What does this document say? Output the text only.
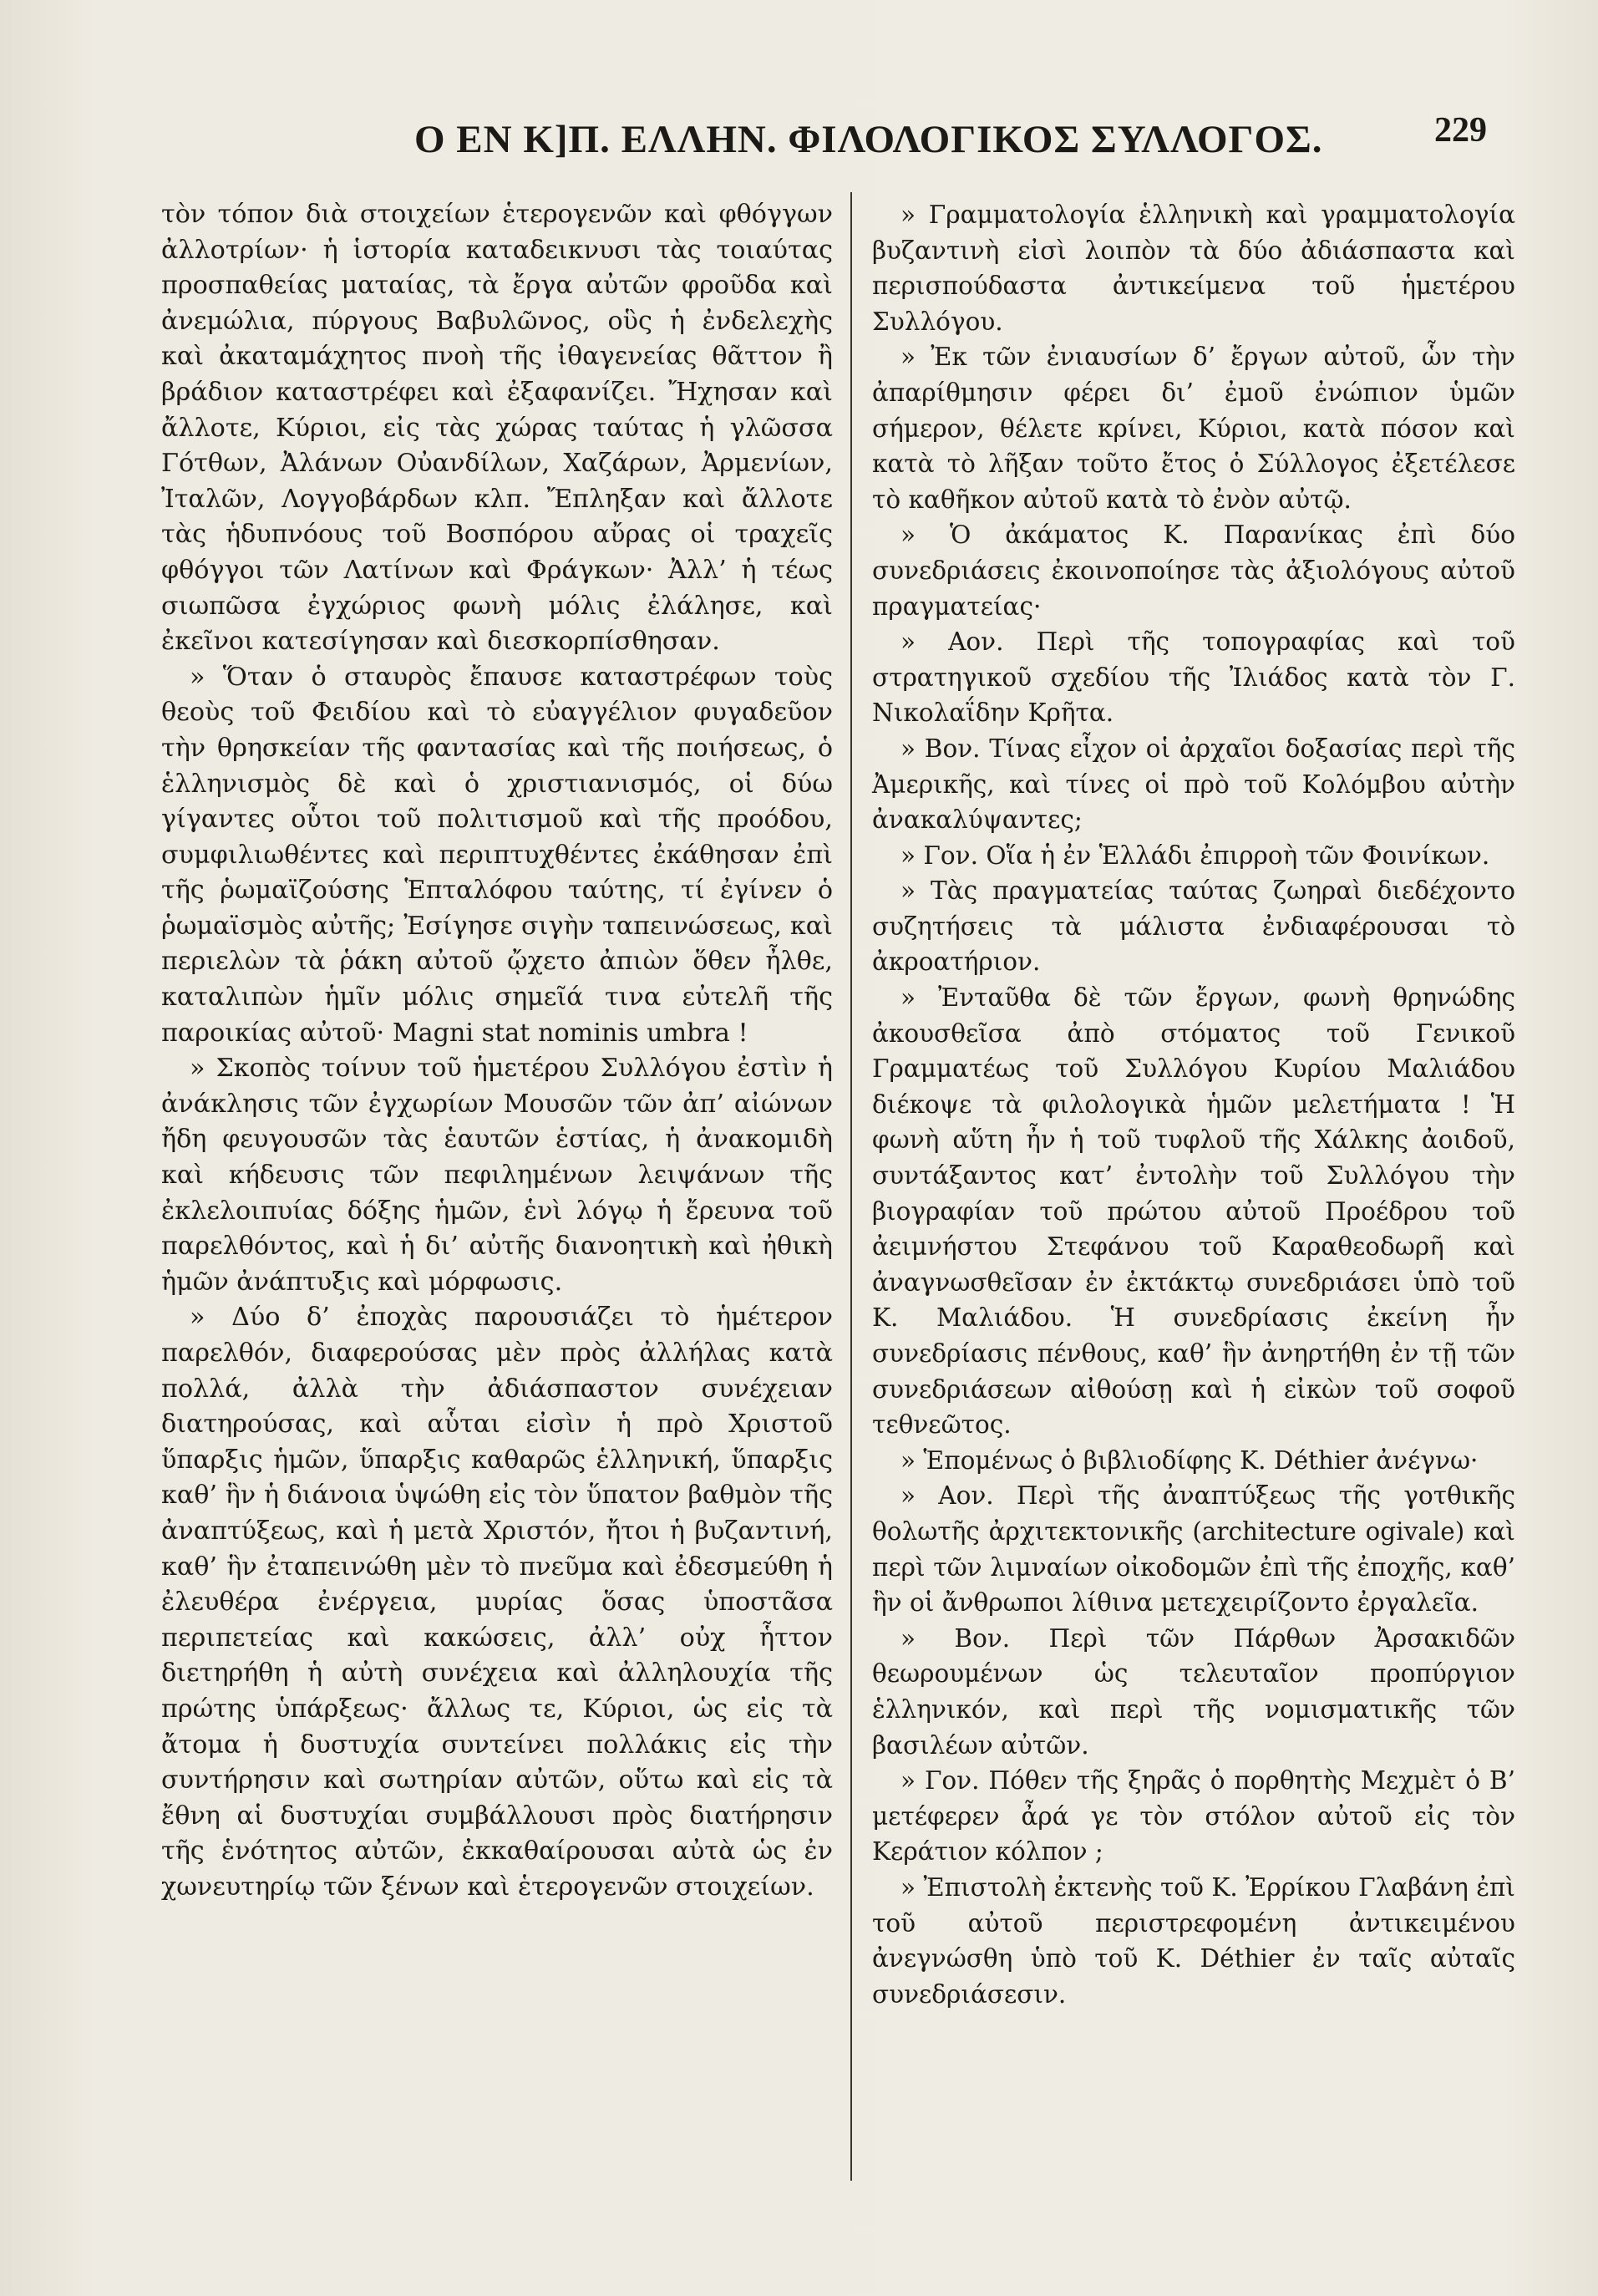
Ο ΕΝ Κ]Π. ΕΛΛΗΝ. ΦΙΛΟΛΟΓΙΚΟΣ ΣΥΛΛΟΓΟΣ.	229

τὸν τόπον διὰ στοιχείων ἑτερογενῶν καὶ φθόγγων ἀλλοτρίων· ἡ ἱστορία καταδεικνυσι τὰς τοιαύτας προσπαθείας ματαίας, τὰ ἔργα αὐτῶν φροῦδα καὶ ἀνεμώλια, πύργους Βαβυλῶνος, οὓς ἡ ἐνδελεχὴς καὶ ἀκαταμάχητος πνοὴ τῆς ἰθαγενείας θᾶττον ἢ βράδιον καταστρέφει καὶ ἐξαφανίζει. Ἤχησαν καὶ ἄλλοτε, Κύριοι, εἰς τὰς χώρας ταύτας ἡ γλῶσσα Γότθων, Ἀλάνων Οὐανδίλων, Χαζάρων, Ἀρμενίων, Ἰταλῶν, Λογγοβάρδων κλπ. Ἔπληξαν καὶ ἄλλοτε τὰς ἡδυπνόους τοῦ Βοσπόρου αὔρας οἱ τραχεῖς φθόγγοι τῶν Λατίνων καὶ Φράγκων· Ἀλλ’ ἡ τέως σιωπῶσα ἐγχώριος φωνὴ μόλις ἐλάλησε, καὶ ἐκεῖνοι κατεσίγησαν καὶ διεσκορπίσθησαν.

» Ὅταν ὁ σταυρὸς ἔπαυσε καταστρέφων τοὺς θεοὺς τοῦ Φειδίου καὶ τὸ εὐαγγέλιον φυγαδεῦον τὴν θρησκείαν τῆς φαντασίας καὶ τῆς ποιήσεως, ὁ ἑλληνισμὸς δὲ καὶ ὁ χριστιανισμός, οἱ δύω γίγαντες οὗτοι τοῦ πολιτισμοῦ καὶ τῆς προόδου, συμφιλιωθέντες καὶ περιπτυχθέντες ἐκάθησαν ἐπὶ τῆς ῥωμαϊζούσης Ἑπταλόφου ταύτης, τί ἐγίνεν ὁ ῥωμαϊσμὸς αὐτῆς; Ἐσίγησε σιγὴν ταπεινώσεως, καὶ περιελὼν τὰ ῥάκη αὐτοῦ ᾤχετο ἀπιὼν ὅθεν ἦλθε, καταλιπὼν ἡμῖν μόλις σημεῖά τινα εὐτελῆ τῆς παροικίας αὐτοῦ· Magni stat nominis umbra !

» Σκοπὸς τοίνυν τοῦ ἡμετέρου Συλλόγου ἐστὶν ἡ ἀνάκλησις τῶν ἐγχωρίων Μουσῶν τῶν ἀπ’ αἰώνων ἤδη φευγουσῶν τὰς ἑαυτῶν ἑστίας, ἡ ἀνακομιδὴ καὶ κήδευσις τῶν πεφιλημένων λειψάνων τῆς ἐκλελοιπυίας δόξης ἡμῶν, ἑνὶ λόγῳ ἡ ἔρευνα τοῦ παρελθόντος, καὶ ἡ δι’ αὐτῆς διανοητικὴ καὶ ἠθικὴ ἡμῶν ἀνάπτυξις καὶ μόρφωσις.

» Δύο δ’ ἐποχὰς παρουσιάζει τὸ ἡμέτερον παρελθόν, διαφερούσας μὲν πρὸς ἀλλήλας κατὰ πολλά, ἀλλὰ τὴν ἀδιάσπαστον συνέχειαν διατηρούσας, καὶ αὗται εἰσὶν ἡ πρὸ Χριστοῦ ὕπαρξις ἡμῶν, ὕπαρξις καθαρῶς ἑλληνική, ὕπαρξις καθ’ ἣν ἡ διάνοια ὑψώθη εἰς τὸν ὕπατον βαθμὸν τῆς ἀναπτύξεως, καὶ ἡ μετὰ Χριστόν, ἤτοι ἡ βυζαντινή, καθ’ ἣν ἐταπεινώθη μὲν τὸ πνεῦμα καὶ ἐδεσμεύθη ἡ ἐλευθέρα ἐνέργεια, μυρίας ὅσας ὑποστᾶσα περιπετείας καὶ κακώσεις, ἀλλ’ οὐχ ἧττον διετηρήθη ἡ αὐτὴ συνέχεια καὶ ἀλληλουχία τῆς πρώτης ὑπάρξεως· ἄλλως τε, Κύριοι, ὡς εἰς τὰ ἄτομα ἡ δυστυχία συντείνει πολλάκις εἰς τὴν συντήρησιν καὶ σωτηρίαν αὐτῶν, οὕτω καὶ εἰς τὰ ἔθνη αἱ δυστυχίαι συμβάλλουσι πρὸς διατήρησιν τῆς ἑνότητος αὐτῶν, ἐκκαθαίρουσαι αὐτὰ ὡς ἐν χωνευτηρίῳ τῶν ξένων καὶ ἑτερογενῶν στοιχείων.

» Γραμματολογία ἑλληνικὴ καὶ γραμματολογία βυζαντινὴ εἰσὶ λοιπὸν τὰ δύο ἀδιάσπαστα καὶ περισπούδαστα ἀντικείμενα τοῦ ἡμετέρου Συλλόγου.

» Ἐκ τῶν ἐνιαυσίων δ’ ἔργων αὐτοῦ, ὧν τὴν ἀπαρίθμησιν φέρει δι’ ἐμοῦ ἐνώπιον ὑμῶν σήμερον, θέλετε κρίνει, Κύριοι, κατὰ πόσον καὶ κατὰ τὸ λῆξαν τοῦτο ἔτος ὁ Σύλλογος ἐξετέλεσε τὸ καθῆκον αὐτοῦ κατὰ τὸ ἐνὸν αὐτῷ.

» Ὁ ἀκάματος Κ. Παρανίκας ἐπὶ δύο συνεδριάσεις ἐκοινοποίησε τὰς ἀξιολόγους αὐτοῦ πραγματείας·

» Αον. Περὶ τῆς τοπογραφίας καὶ τοῦ στρατηγικοῦ σχεδίου τῆς Ἰλιάδος κατὰ τὸν Γ. Νικολαΐδην Κρῆτα.

» Βον. Τίνας εἶχον οἱ ἀρχαῖοι δοξασίας περὶ τῆς Ἀμερικῆς, καὶ τίνες οἱ πρὸ τοῦ Κολόμβου αὐτὴν ἀνακαλύψαντες;

» Γον. Οἵα ἡ ἐν Ἑλλάδι ἐπιρροὴ τῶν Φοινίκων.

» Τὰς πραγματείας ταύτας ζωηραὶ διεδέχοντο συζητήσεις τὰ μάλιστα ἐνδιαφέρουσαι τὸ ἀκροατήριον.

» Ἐνταῦθα δὲ τῶν ἔργων, φωνὴ θρηνώδης ἀκουσθεῖσα ἀπὸ στόματος τοῦ Γενικοῦ Γραμματέως τοῦ Συλλόγου Κυρίου Μαλιάδου διέκοψε τὰ φιλολογικὰ ἡμῶν μελετήματα ! Ἡ φωνὴ αὕτη ἦν ἡ τοῦ τυφλοῦ τῆς Χάλκης ἀοιδοῦ, συντάξαντος κατ’ ἐντολὴν τοῦ Συλλόγου τὴν βιογραφίαν τοῦ πρώτου αὐτοῦ Προέδρου τοῦ ἀειμνήστου Στεφάνου τοῦ Καραθεοδωρῆ καὶ ἀναγνωσθεῖσαν ἐν ἐκτάκτῳ συνεδριάσει ὑπὸ τοῦ Κ. Μαλιάδου. Ἡ συνεδρίασις ἐκείνη ἦν συνεδρίασις πένθους, καθ’ ἣν ἀνηρτήθη ἐν τῇ τῶν συνεδριάσεων αἰθούσῃ καὶ ἡ εἰκὼν τοῦ σοφοῦ τεθνεῶτος.

» Ἑπομένως ὁ βιβλιοδίφης Κ. Déthier ἀνέγνω·

» Αον. Περὶ τῆς ἀναπτύξεως τῆς γοτθικῆς θολωτῆς ἀρχιτεκτονικῆς (architecture ogivale) καὶ περὶ τῶν λιμναίων οἰκοδομῶν ἐπὶ τῆς ἐποχῆς, καθ’ ἣν οἱ ἄνθρωποι λίθινα μετεχειρίζοντο ἐργαλεῖα.

» Βον. Περὶ τῶν Πάρθων Ἀρσακιδῶν θεωρουμένων ὡς τελευταῖον προπύργιον ἑλληνικόν, καὶ περὶ τῆς νομισματικῆς τῶν βασιλέων αὐτῶν.

» Γον. Πόθεν τῆς ξηρᾶς ὁ πορθητὴς Μεχμὲτ ὁ Β’ μετέφερεν ἆρά γε τὸν στόλον αὐτοῦ εἰς τὸν Κεράτιον κόλπον ;

» Ἐπιστολὴ ἐκτενὴς τοῦ Κ. Ἐρρίκου Γλαβάνη ἐπὶ τοῦ αὐτοῦ περιστρεφομένη ἀντικειμένου ἀνεγνώσθη ὑπὸ τοῦ Κ. Déthier ἐν ταῖς αὐταῖς συνεδριάσεσιν.
